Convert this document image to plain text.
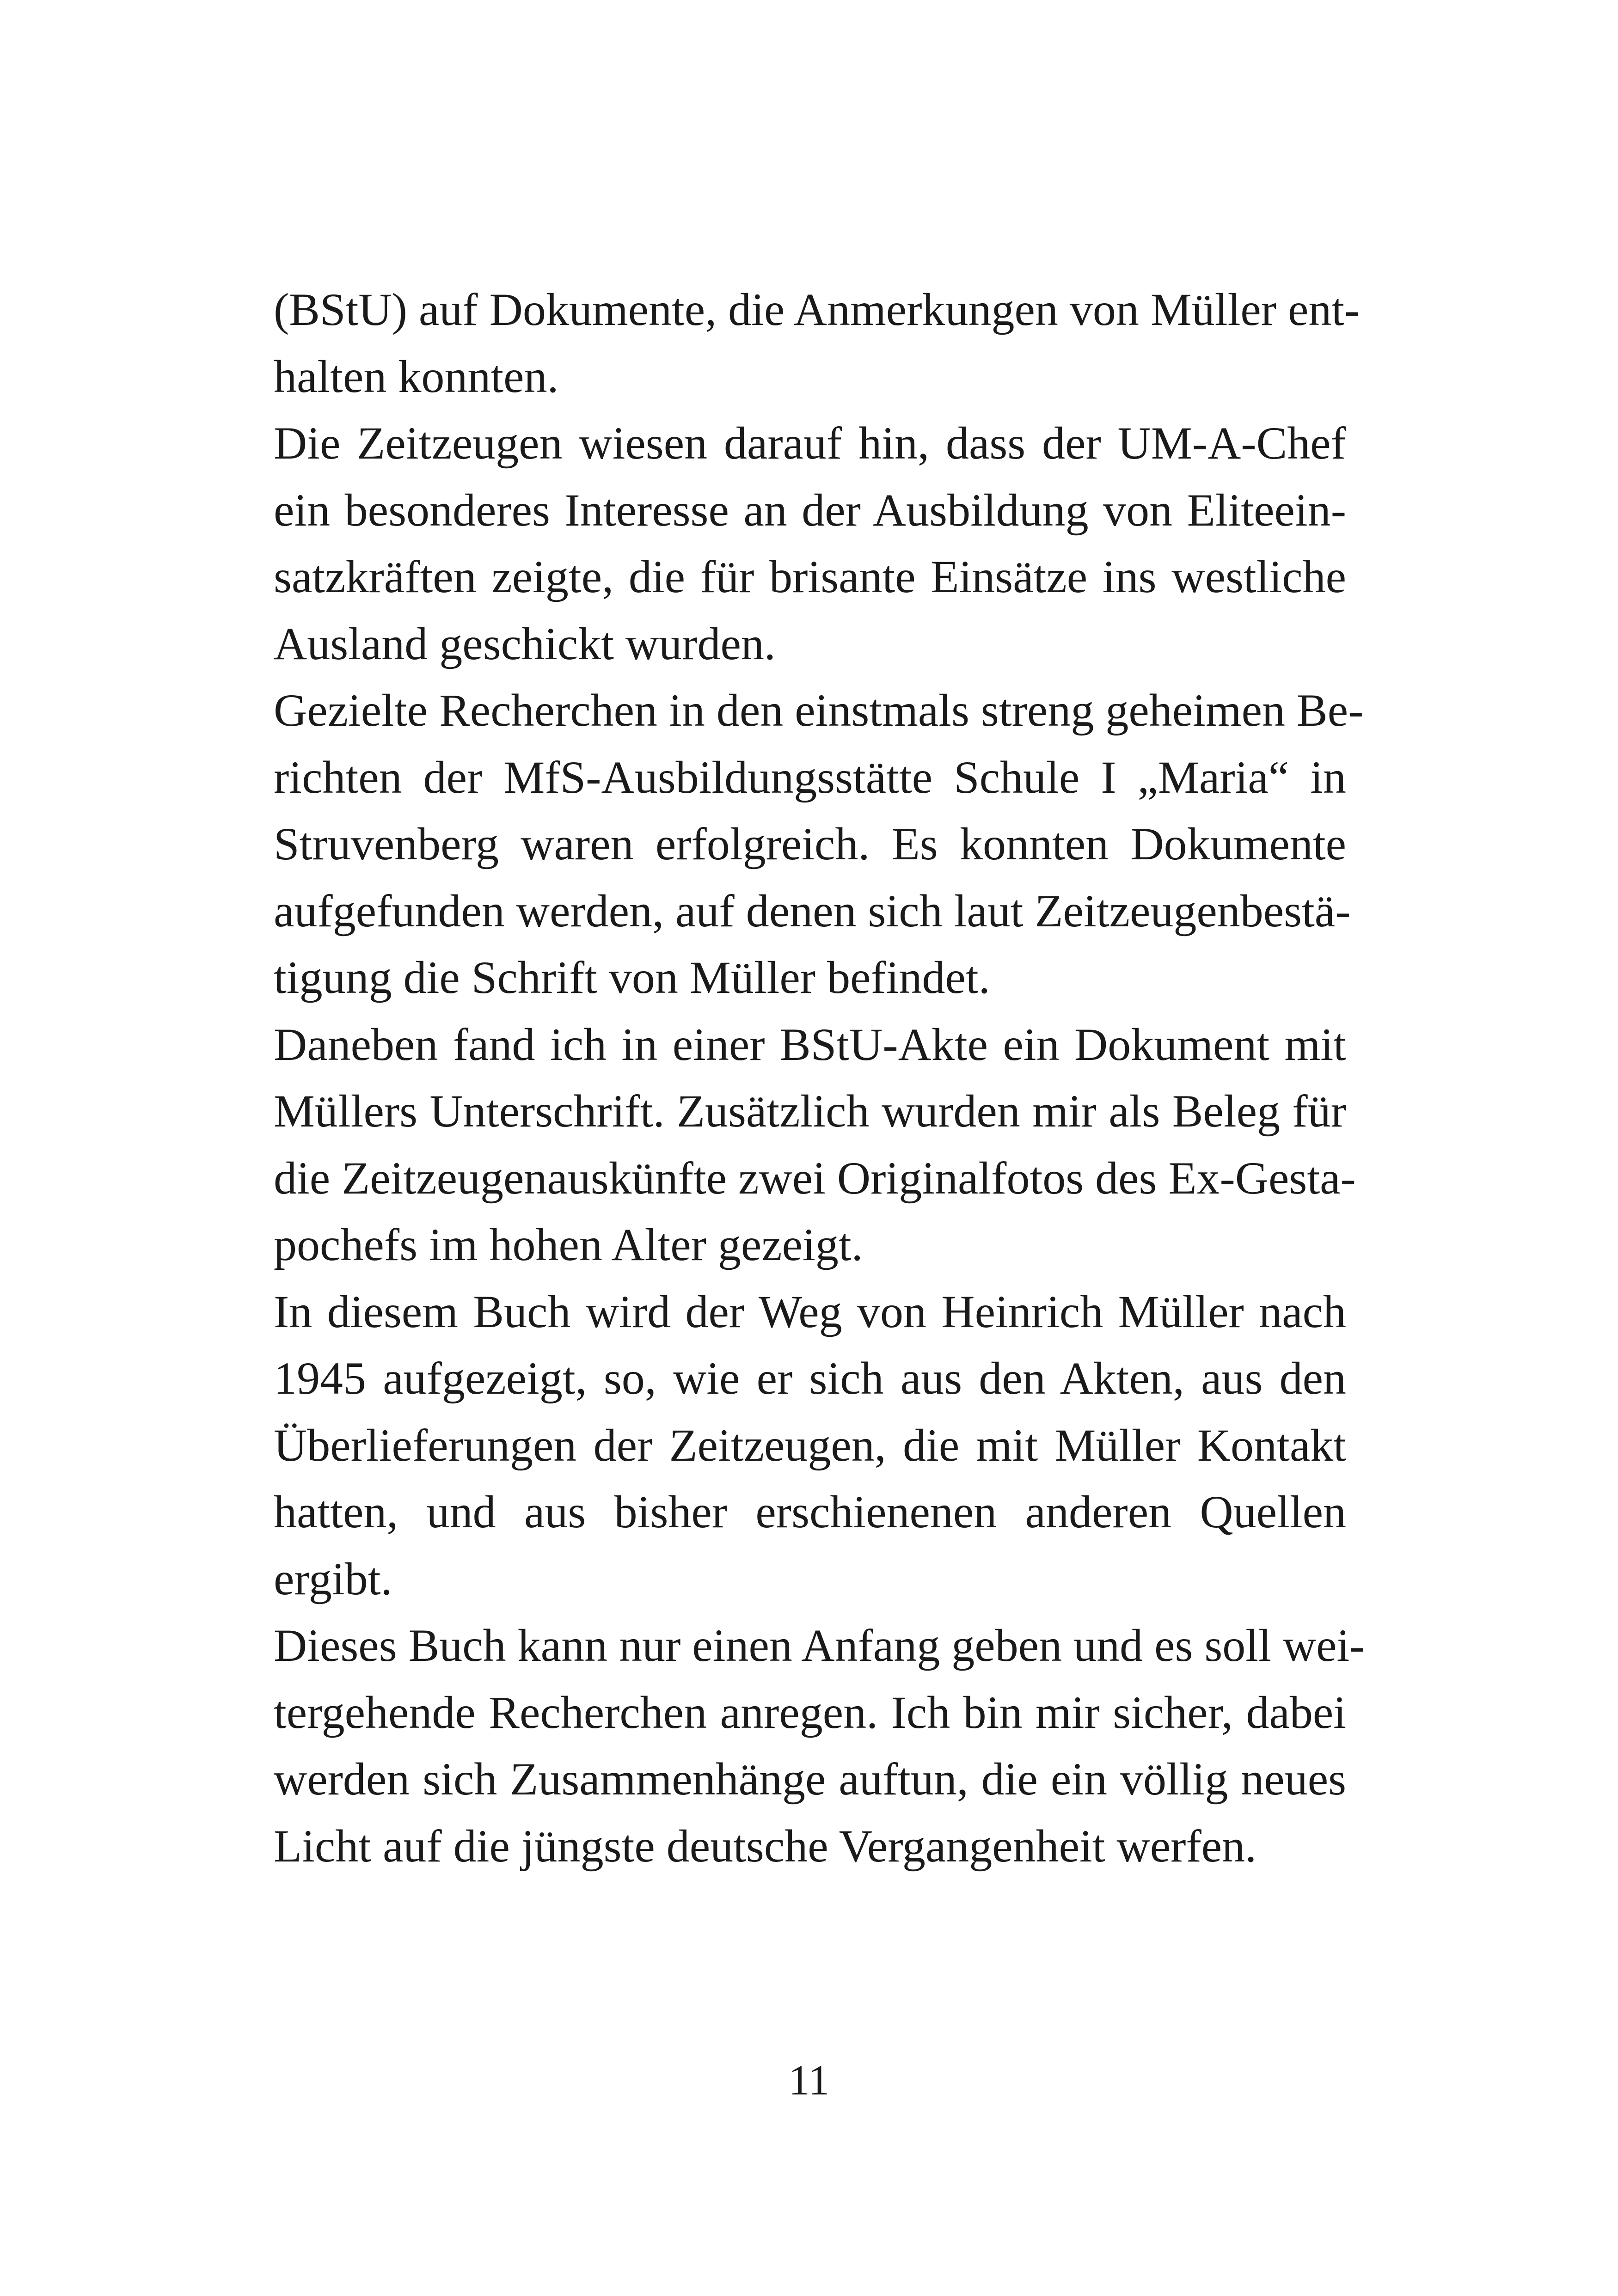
(BStU) auf Dokumente, die Anmerkungen von Müller ent-
halten konnten.
Die Zeitzeugen wiesen darauf hin, dass der UM-A-Chef
ein besonderes Interesse an der Ausbildung von Eliteein-
satzkräften zeigte, die für brisante Einsätze ins westliche
Ausland geschickt wurden.
Gezielte Recherchen in den einstmals streng geheimen Be-
richten der MfS-Ausbildungsstätte Schule I „Maria“ in
Struvenberg waren erfolgreich. Es konnten Dokumente
aufgefunden werden, auf denen sich laut Zeitzeugenbestä-
tigung die Schrift von Müller befindet.
Daneben fand ich in einer BStU-Akte ein Dokument mit
Müllers Unterschrift. Zusätzlich wurden mir als Beleg für
die Zeitzeugenauskünfte zwei Originalfotos des Ex-Gesta-
pochefs im hohen Alter gezeigt.
In diesem Buch wird der Weg von Heinrich Müller nach
1945 aufgezeigt, so, wie er sich aus den Akten, aus den
Überlieferungen der Zeitzeugen, die mit Müller Kontakt
hatten, und aus bisher erschienenen anderen Quellen
ergibt.
Dieses Buch kann nur einen Anfang geben und es soll wei-
tergehende Recherchen anregen. Ich bin mir sicher, dabei
werden sich Zusammenhänge auftun, die ein völlig neues
Licht auf die jüngste deutsche Vergangenheit werfen.
11
